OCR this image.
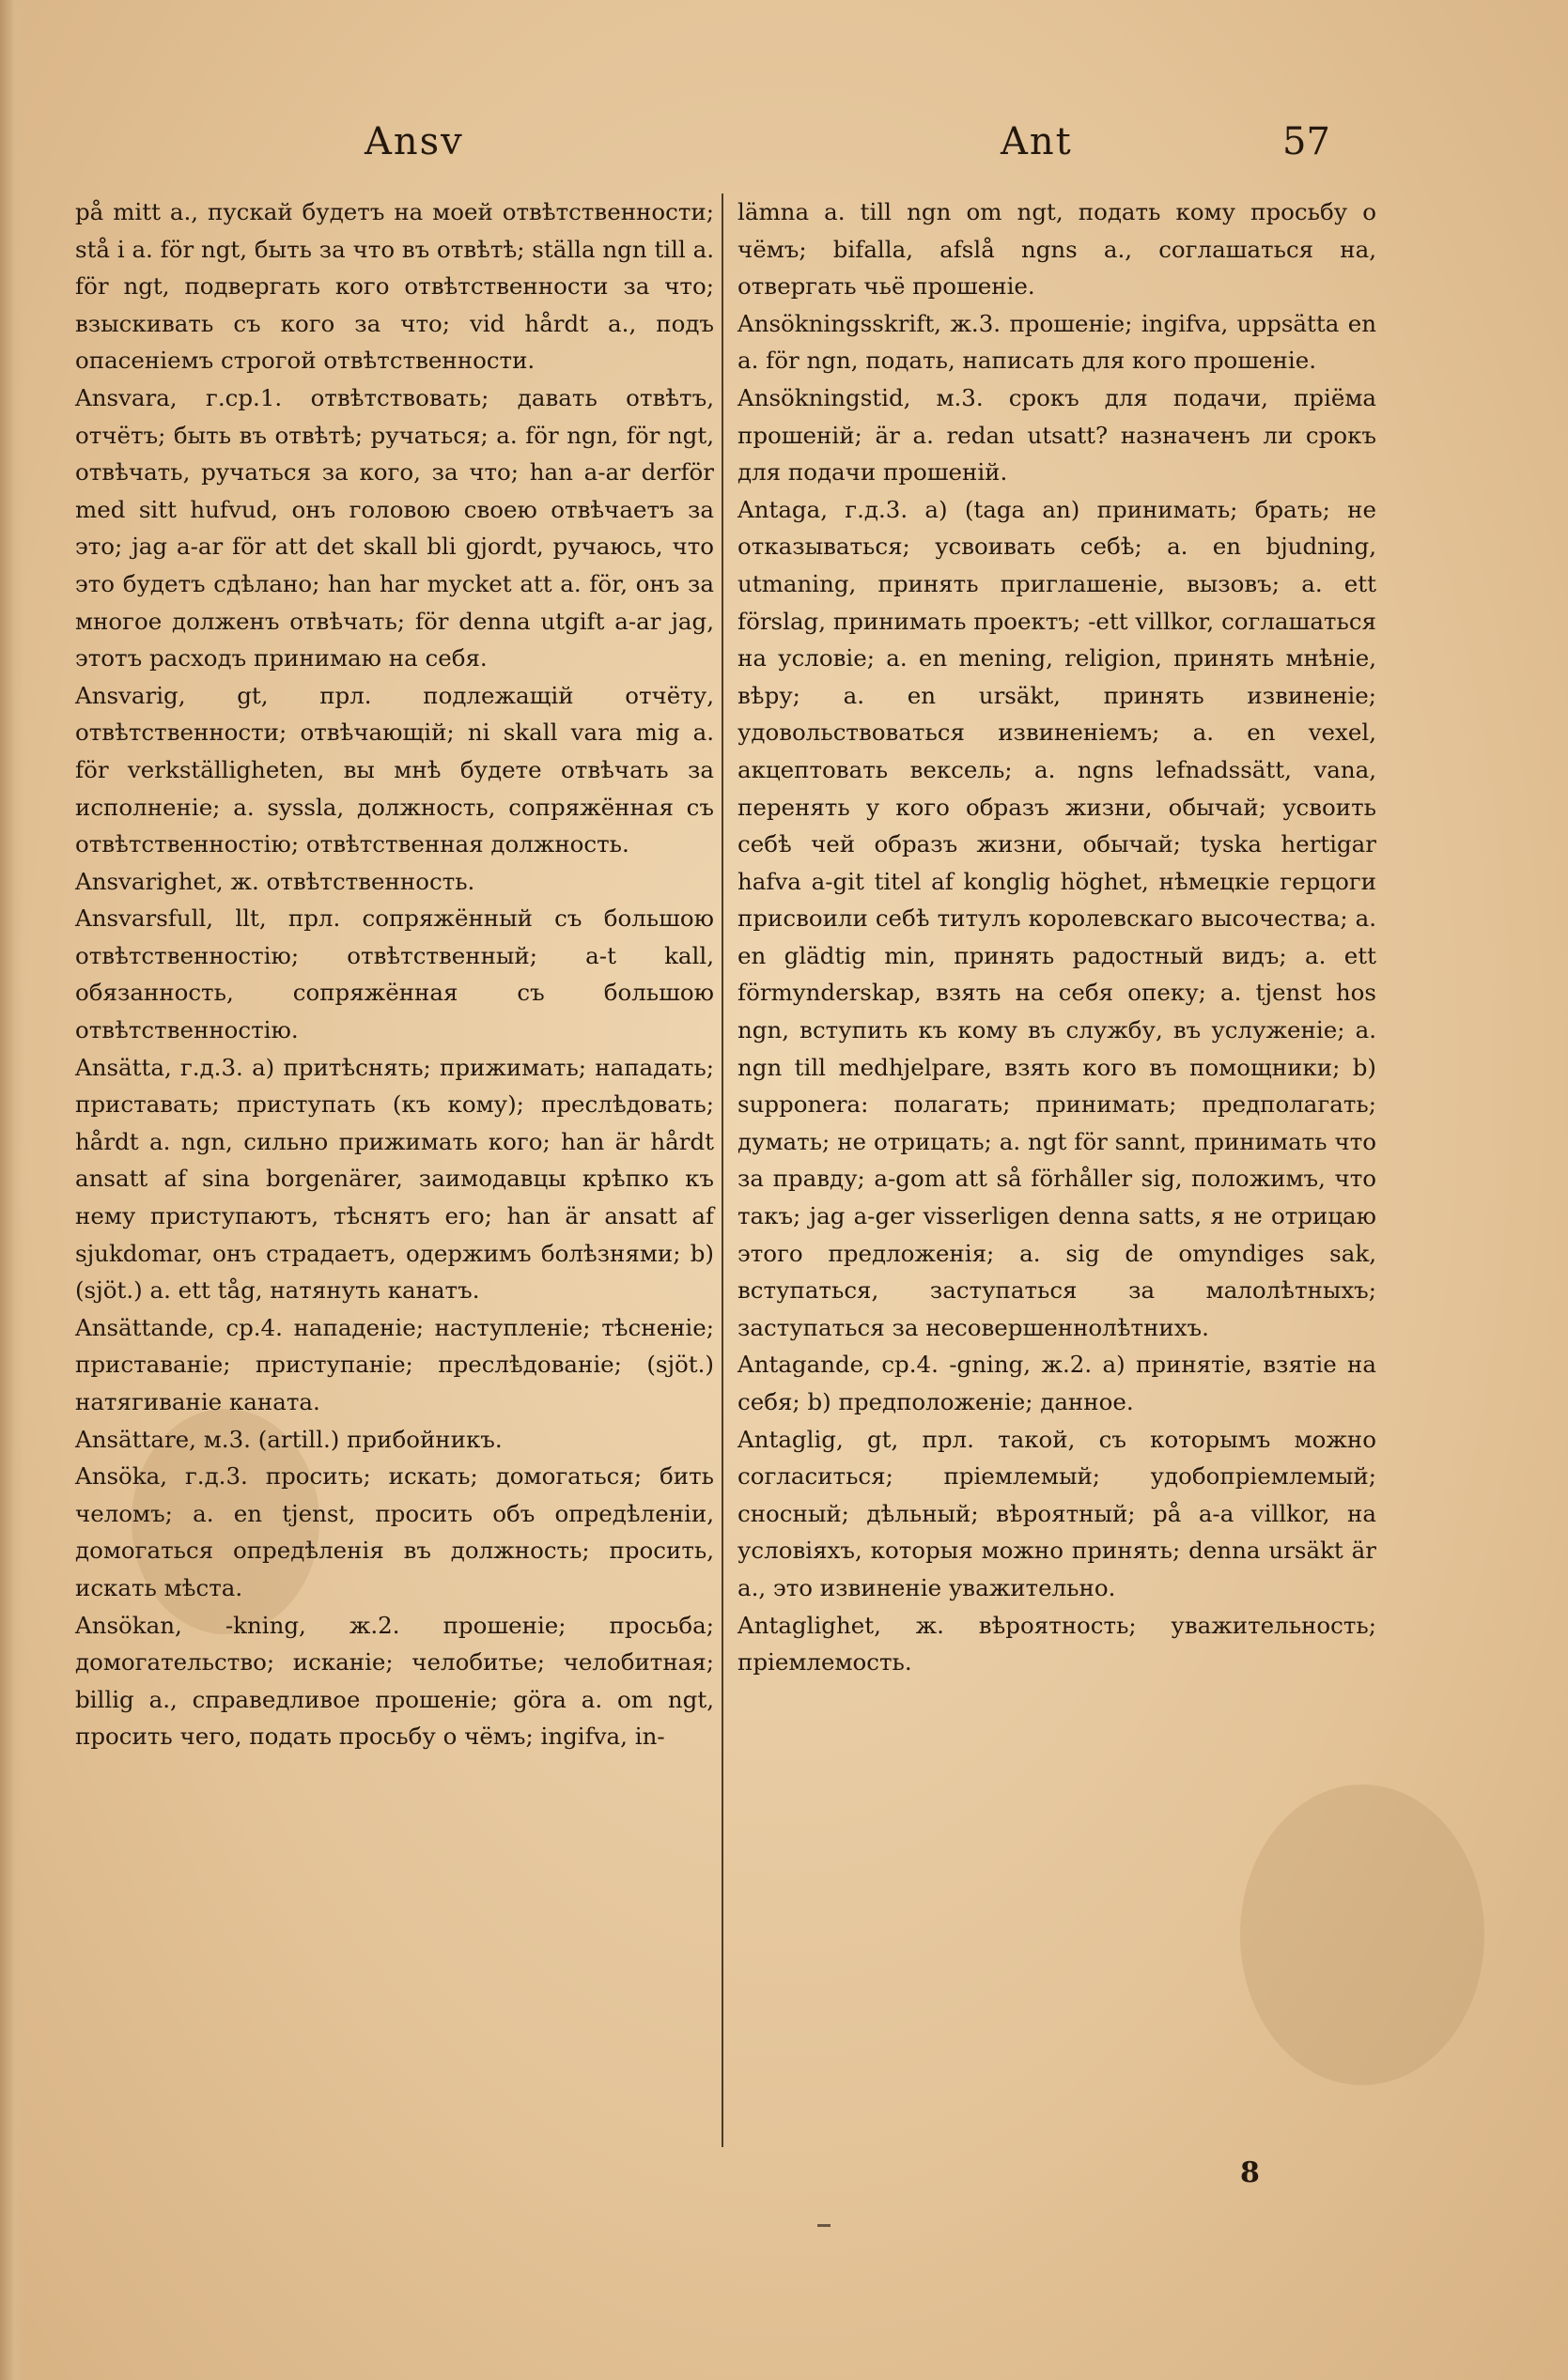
Ansv	Ant	57

på mitt a., пускай будетъ на моей отвѣтственности; stå i a. för ngt, быть за что въ отвѣтѣ; ställa ngn till a. för ngt, подвергать кого отвѣтственности за что; взыскивать съ кого за что; vid hårdt a., подъ опасеніемъ строгой отвѣтственности.

Ansvara, г.ср.1. отвѣтствовать; давать отвѣтъ, отчётъ; быть въ отвѣтѣ; ручаться; a. för ngn, för ngt, отвѣчать, ручаться за кого, за что; han a-ar derför med sitt hufvud, онъ головою своею отвѣчаетъ за это; jag a-ar för att det skall bli gjordt, ручаюсь, что это будетъ сдѣлано; han har mycket att a. för, онъ за многое долженъ отвѣчать; för denna utgift a-ar jag, этотъ расходъ принимаю на себя.

Ansvarig, gt, прл. подлежащій отчёту, отвѣтственности; отвѣчающій; ni skall vara mig a. för verkställigheten, вы мнѣ будете отвѣчать за исполненіе; a. syssla, должность, сопряжённая съ отвѣтственностію; отвѣтственная должность.

Ansvarighet, ж. отвѣтственность.

Ansvarsfull, llt, прл. сопряжённый съ большою отвѣтственностію; отвѣтственный; a-t kall, обязанность, сопряжённая съ большою отвѣтственностію.

Ansätta, г.д.3. a) притѣснять; прижимать; нападать; приставать; приступать (къ кому); преслѣдовать; hårdt a. ngn, сильно прижимать кого; han är hårdt ansatt af sina borgenärer, заимодавцы крѣпко къ нему приступаютъ, тѣснятъ его; han är ansatt af sjukdomar, онъ страдаетъ, одержимъ болѣзнями; b) (sjöt.) a. ett tåg, натянуть канатъ.

Ansättande, ср.4. нападеніе; наступленіе; тѣсненіе; приставаніе; приступаніе; преслѣдованіе; (sjöt.) натягиваніе каната.

Ansättare, м.3. (artill.) прибойникъ.

Ansöka, г.д.3. просить; искать; домогаться; бить челомъ; a. en tjenst, просить объ опредѣленіи, домогаться опредѣленія въ должность; просить, искать мѣста.

Ansökan, -kning, ж.2. прошеніе; просьба; домогательство; исканіе; челобитье; челобитная; billig a., справедливое прошеніе; göra a. om ngt, просить чего, подать просьбу о чёмъ; ingifva, in-

lämna a. till ngn om ngt, подать кому просьбу о чёмъ; bifalla, afslå ngns a., соглашаться на, отвергать чьё прошеніе.

Ansökningsskrift, ж.3. прошеніе; ingifva, uppsätta en a. för ngn, подать, написать для кого прошеніе.

Ansökningstid, м.3. срокъ для подачи, пріёма прошеній; är a. redan utsatt? назначенъ ли срокъ для подачи прошеній.

Antaga, г.д.3. a) (taga an) принимать; брать; не отказываться; усвоивать себѣ; a. en bjudning, utmaning, принять приглашеніе, вызовъ; a. ett förslag, принимать проектъ; -ett villkor, соглашаться на условіе; a. en mening, religion, принять мнѣніе, вѣру; a. en ursäkt, принять извиненіе; удовольствоваться извиненіемъ; a. en vexel, акцептовать вексель; a. ngns lefnadssätt, vana, перенять у кого образъ жизни, обычай; усвоить себѣ чей образъ жизни, обычай; tyska hertigar hafva a-git titel af konglig höghet, нѣмецкіе герцоги присвоили себѣ титулъ королевскаго высочества; a. en glädtig min, принять радостный видъ; a. ett förmynderskap, взять на себя опеку; a. tjenst hos ngn, вступить къ кому въ службу, въ услуженіе; a. ngn till medhjelpare, взять кого въ помощники; b) supponera: полагать; принимать; предполагать; думать; не отрицать; a. ngt för sannt, принимать что за правду; a-gom att så förhåller sig, положимъ, что такъ; jag a-ger visserligen denna satts, я не отрицаю этого предложенія; a. sig de omyndiges sak, вступаться, заступаться за малолѣтныхъ; заступаться за несовершеннолѣтнихъ.

Antagande, ср.4. -gning, ж.2. a) принятіе, взятіе на себя; b) предположеніе; данное.

Antaglig, gt, прл. такой, съ которымъ можно согласиться; пріемлемый; удобопріемлемый; сносный; дѣльный; вѣроятный; på a-a villkor, на условіяхъ, которыя можно принять; denna ursäkt är a., это извиненіе уважительно.

Antaglighet, ж. вѣроятность; уважительность; пріемлемость.

8
